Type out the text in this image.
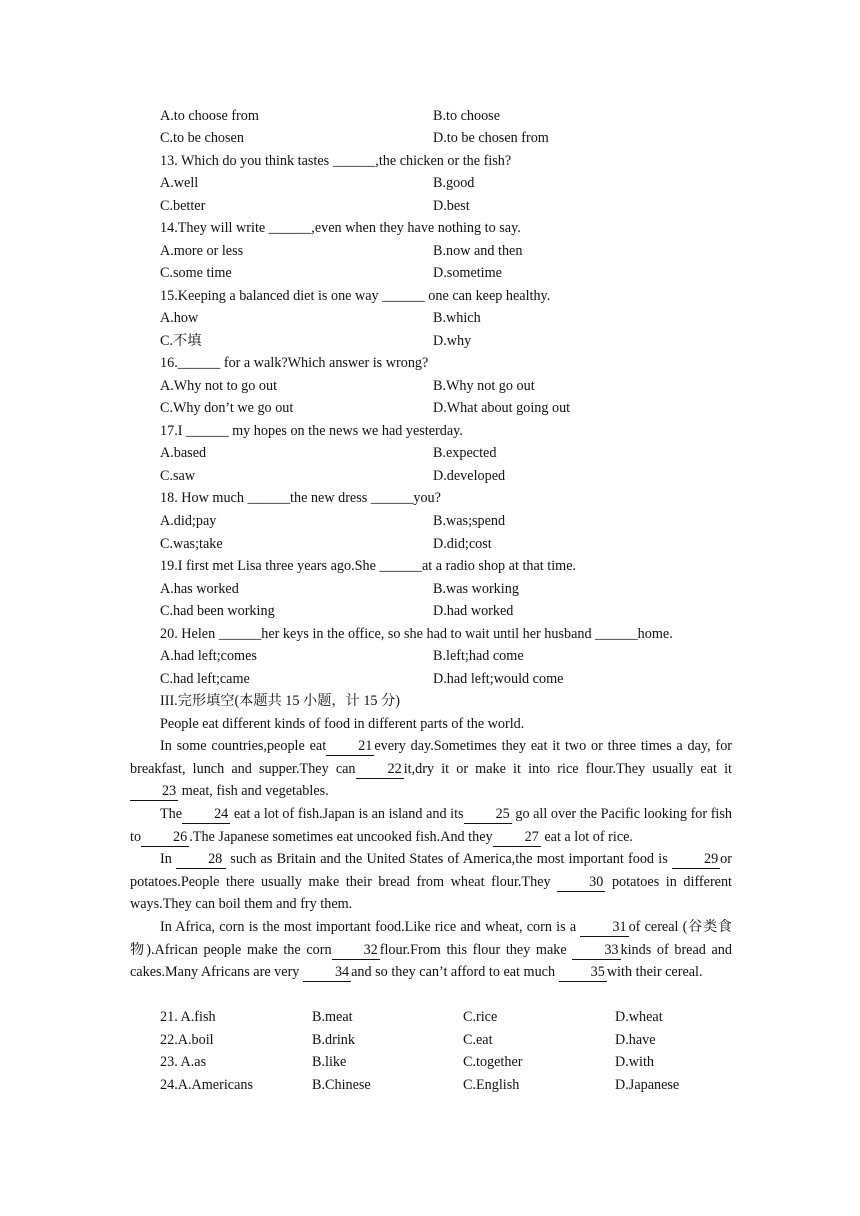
A.to choose from	B.to choose
C.to be chosen	D.to be chosen from
13. Which do you think tastes ______,the chicken or the fish?
A.well	B.good
C.better	D.best
14.They will write ______,even when they have nothing to say.
A.more or less	B.now and then
C.some time	D.sometime
15.Keeping a balanced diet is one way ______ one can keep healthy.
A.how	B.which
C.不填	D.why
16.______ for a walk?Which answer is wrong?
A.Why not to go out	B.Why not go out
C.Why don’t we go out	D.What about going out
17.I ______ my hopes on the news we had yesterday.
A.based	B.expected
C.saw	D.developed
18. How much ______the new dress ______you?
A.did;pay	B.was;spend
C.was;take	D.did;cost
19.I first met Lisa three years ago.She ______at a radio shop at that time.
A.has worked	B.was working
C.had been working	D.had worked
20. Helen ______her keys in the office, so she had to wait until her husband ______home.
A.had left;comes	B.left;had come
C.had left;came	D.had left;would come
III.完形填空(本题共 15 小题，计 15 分)
People eat different kinds of food in different parts of the world.
In some countries,people eat 21 every day.Sometimes they eat it two or three times a day, for breakfast, lunch and supper.They can 22 it,dry it or make it into rice flour.They usually eat it 23 meat, fish and vegetables.
The 24 eat a lot of fish.Japan is an island and its 25 go all over the Pacific looking for fish to 26 .The Japanese sometimes eat uncooked fish.And they 27 eat a lot of rice.
In 28 such as Britain and the United States of America,the most important food is 29 or potatoes.People there usually make their bread from wheat flour.They 30 potatoes in different ways.They can boil them and fry them.
In Africa, corn is the most important food.Like rice and wheat, corn is a 31 of cereal (谷类食物).African people make the corn 32 flour.From this flour they make 33 kinds of bread and cakes.Many Africans are very 34 and so they can’t afford to eat much 35 with their cereal.
21. A.fish	B.meat	C.rice	D.wheat
22.A.boil	B.drink	C.eat	D.have
23. A.as	B.like	C.together	D.with
24.A.Americans	B.Chinese	C.English	D.Japanese
